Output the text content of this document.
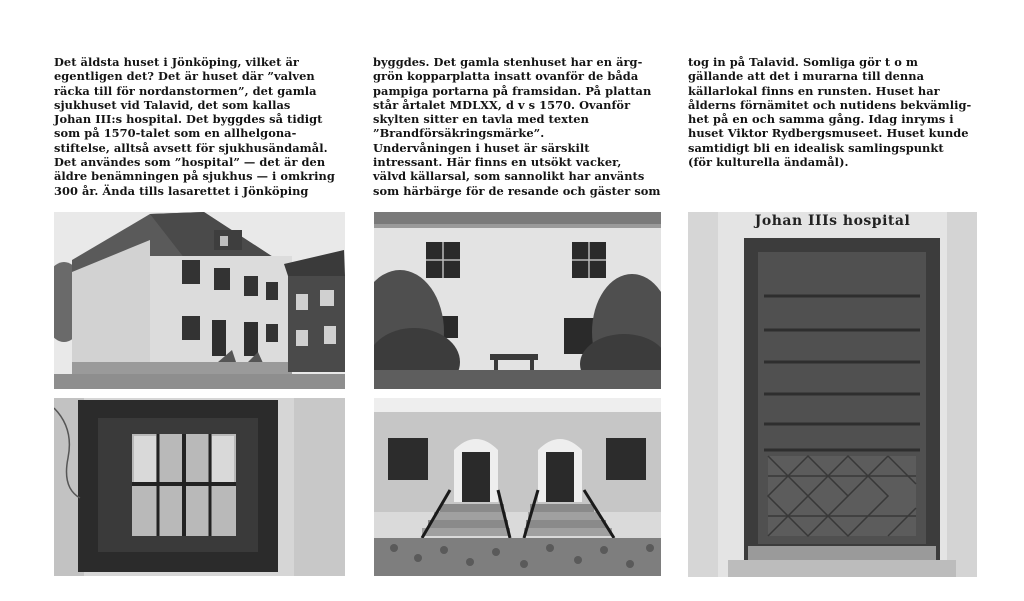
Det äldsta huset i Jönköping, vilket är
egentligen det? Det är huset där ”valven
räcka till för nordanstormen”, det gamla
sjukhuset vid Talavid, det som kallas
Johan III:s hospital. Det byggdes så tidigt
som på 1570-talet som en allhelgona-
stiftelse, alltså avsett för sjukhusändamål.
Det användes som ”hospital” — det är den
äldre benämningen på sjukhus — i omkring
300 år. Ända tills lasarettet i Jönköping
byggdes. Det gamla stenhuset har en ärg-
grön kopparplatta insatt ovanför de båda
pampiga portarna på framsidan. På plattan
står årtalet MDLXX, d v s 1570. Ovanför
skylten sitter en tavla med texten
”Brandförsäkringsmärke”.
Undervåningen i huset är särskilt
intressant. Här finns en utsökt vacker,
välvd källarsal, som sannolikt har använts
som härbärge för de resande och gäster som
tog in på Talavid. Somliga gör t o m
gällande att det i murarna till denna
källarlokal finns en runsten. Huset har
ålderns förnämitet och nutidens bekvämlig-
het på en och samma gång. Idag inryms i
huset Viktor Rydbergsmuseet. Huset kunde
samtidigt bli en idealisk samlingspunkt
(för kulturella ändamål).
Johan IIIs hospital
